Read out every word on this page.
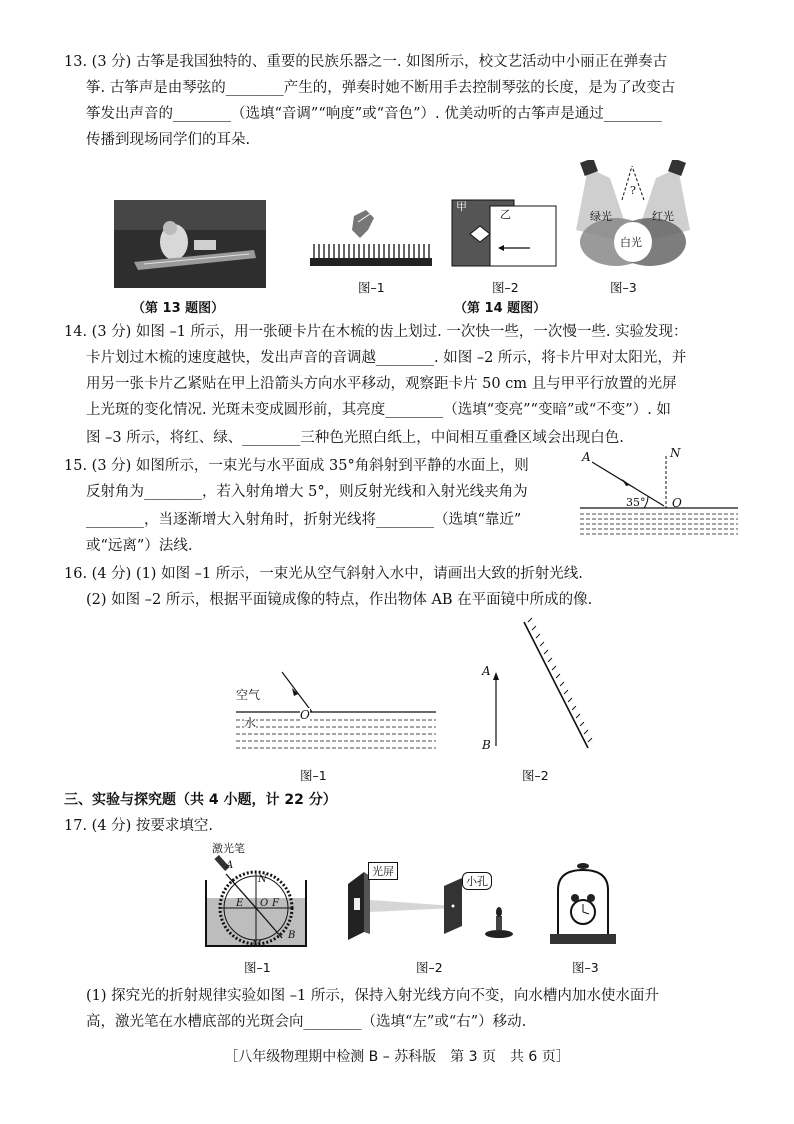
13. (3 分) 古筝是我国独特的、重要的民族乐器之一. 如图所示，校文艺活动中小丽正在弹奏古
筝. 古筝声是由琴弦的________产生的，弹奏时她不断用手去控制琴弦的长度，是为了改变古
筝发出声音的________（选填“音调”“响度”或“音色”）. 优美动听的古筝声是通过________
传播到现场同学们的耳朵.
（第 13 题图）
图–1
甲
乙
图–2
（第 14 题图）
绿光	红光
白光
?
图–3
14. (3 分) 如图 –1 所示，用一张硬卡片在木梳的齿上划过. 一次快一些，一次慢一些. 实验发现：
卡片划过木梳的速度越快，发出声音的音调越________. 如图 –2 所示，将卡片甲对太阳光，并
用另一张卡片乙紧贴在甲上沿箭头方向水平移动，观察距卡片 50 cm 且与甲平行放置的光屏
上光斑的变化情况. 光斑未变成圆形前，其亮度________（选填“变亮”“变暗”或“不变”）. 如
图 –3 所示，将红、绿、________三种色光照白纸上，中间相互重叠区域会出现白色.
15. (3 分) 如图所示，一束光与水平面成 35°角斜射到平静的水面上，则
反射角为________，若入射角增大 5°，则反射光线和入射光线夹角为
________，当逐渐增大入射角时，折射光线将________（选填“靠近”
或“远离”）法线.
A	N
35° O
16. (4 分) (1) 如图 –1 所示，一束光从空气斜射入水中，请画出大致的折射光线.
(2) 如图 –2 所示，根据平面镜成像的特点，作出物体 AB 在平面镜中所成的像.
空气
水
O
图–1
A
B
图–2
三、实验与探究题（共 4 小题，计 22 分）
17. (4 分) 按要求填空.
激光笔
A
N
O
E	F
B
M
图–1
光屏
小孔
图–2	图–3
(1) 探究光的折射规律实验如图 –1 所示，保持入射光线方向不变，向水槽内加水使水面升
高，激光笔在水槽底部的光斑会向________（选填“左”或“右”）移动.
［八年级物理期中检测 B – 苏科版　第 3 页　共 6 页］
